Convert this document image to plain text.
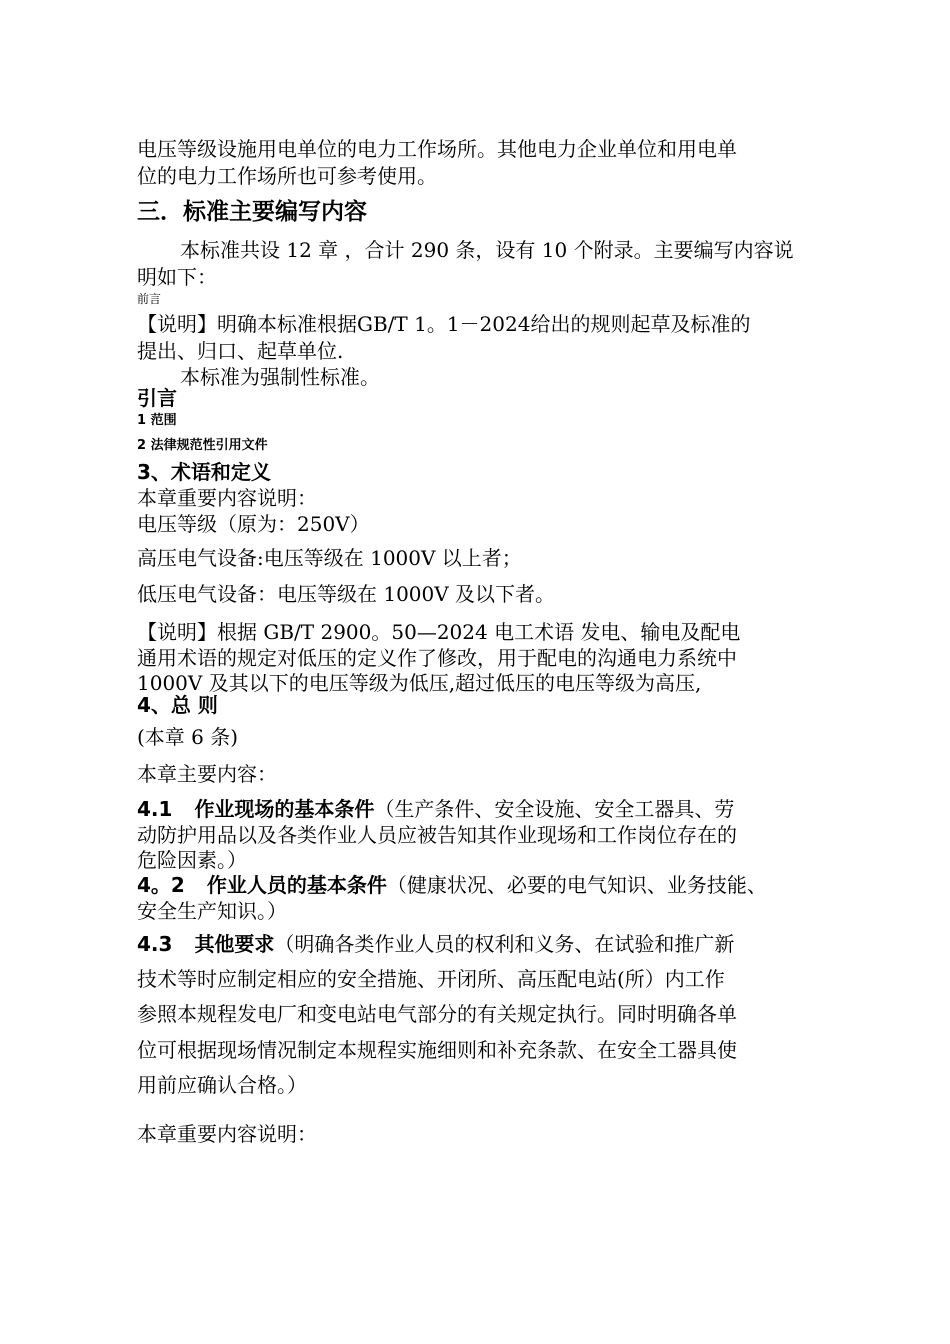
电压等级设施用电单位的电力工作场所。其他电力企业单位和用电单

位的电力工作场所也可参考使用。

三．标准主要编写内容

本标准共设 12 章 ，合计 290 条，设有 10 个附录。主要编写内容说

明如下：

前言

【说明】明确本标准根据GB/T 1。1－2024给出的规则起草及标准的

提出、归口、起草单位.

本标准为强制性标准。

引言

1 范围

2 法律规范性引用文件

3、术语和定义

本章重要内容说明：

电压等级（原为：250V）

高压电气设备:电压等级在 1000V 以上者；

低压电气设备：电压等级在 1000V 及以下者。

【说明】根据 GB/T 2900。50—2024 电工术语 发电、输电及配电

通用术语的规定对低压的定义作了修改，用于配电的沟通电力系统中

1000V 及其以下的电压等级为低压,超过低压的电压等级为高压,

4、总 则

(本章 6 条)

本章主要内容：

4.1 作业现场的基本条件（生产条件、安全设施、安全工器具、劳

动防护用品以及各类作业人员应被告知其作业现场和工作岗位存在的

危险因素。）

4。2 作业人员的基本条件（健康状况、必要的电气知识、业务技能、

安全生产知识。）

4.3 其他要求（明确各类作业人员的权利和义务、在试验和推广新

技术等时应制定相应的安全措施、开闭所、高压配电站(所）内工作

参照本规程发电厂和变电站电气部分的有关规定执行。同时明确各单

位可根据现场情况制定本规程实施细则和补充条款、在安全工器具使

用前应确认合格。）

本章重要内容说明：
